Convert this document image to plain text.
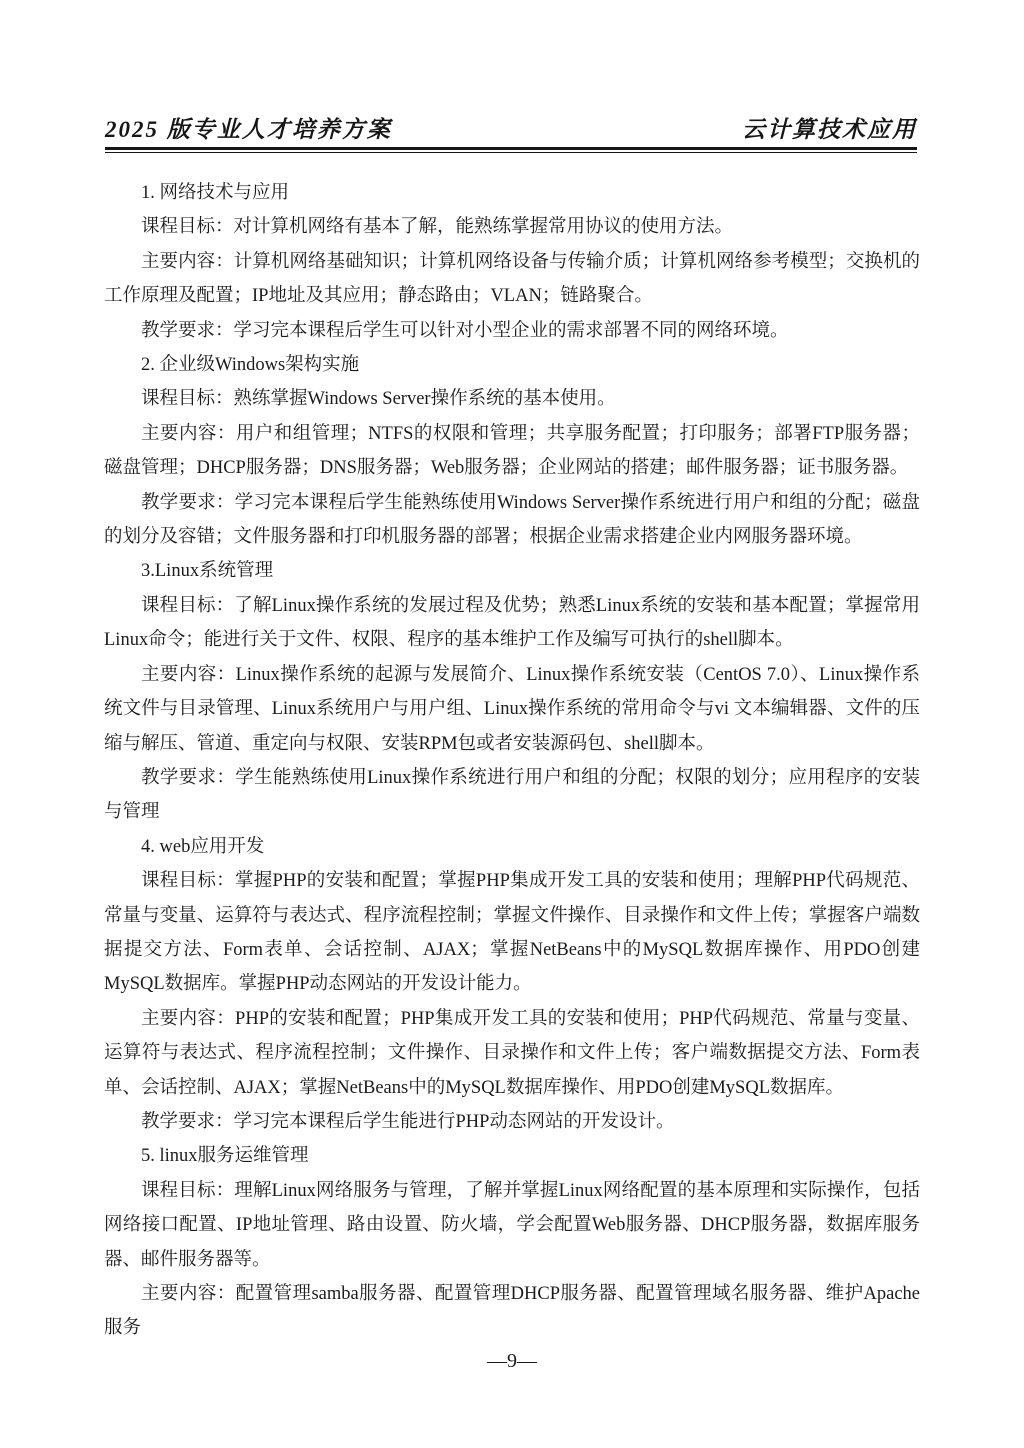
2025 版专业人才培养方案	云计算技术应用

1. 网络技术与应用

课程目标：对计算机网络有基本了解，能熟练掌握常用协议的使用方法。

主要内容：计算机网络基础知识；计算机网络设备与传输介质；计算机网络参考模型；交换机的工作原理及配置；IP地址及其应用；静态路由；VLAN；链路聚合。

教学要求：学习完本课程后学生可以针对小型企业的需求部署不同的网络环境。

2. 企业级Windows架构实施

课程目标：熟练掌握Windows Server操作系统的基本使用。

主要内容：用户和组管理；NTFS的权限和管理；共享服务配置；打印服务；部署FTP服务器；磁盘管理；DHCP服务器；DNS服务器；Web服务器；企业网站的搭建；邮件服务器；证书服务器。

教学要求：学习完本课程后学生能熟练使用Windows Server操作系统进行用户和组的分配；磁盘的划分及容错；文件服务器和打印机服务器的部署；根据企业需求搭建企业内网服务器环境。

3.Linux系统管理

课程目标：了解Linux操作系统的发展过程及优势；熟悉Linux系统的安装和基本配置；掌握常用Linux命令；能进行关于文件、权限、程序的基本维护工作及编写可执行的shell脚本。

主要内容：Linux操作系统的起源与发展简介、Linux操作系统安装（CentOS 7.0）、Linux操作系统文件与目录管理、Linux系统用户与用户组、Linux操作系统的常用命令与vi 文本编辑器、文件的压缩与解压、管道、重定向与权限、安装RPM包或者安装源码包、shell脚本。

教学要求：学生能熟练使用Linux操作系统进行用户和组的分配；权限的划分；应用程序的安装与管理

4. web应用开发

课程目标：掌握PHP的安装和配置；掌握PHP集成开发工具的安装和使用；理解PHP代码规范、常量与变量、运算符与表达式、程序流程控制；掌握文件操作、目录操作和文件上传；掌握客户端数据提交方法、Form表单、会话控制、AJAX；掌握NetBeans中的MySQL数据库操作、用PDO创建MySQL数据库。掌握PHP动态网站的开发设计能力。

主要内容：PHP的安装和配置；PHP集成开发工具的安装和使用；PHP代码规范、常量与变量、运算符与表达式、程序流程控制；文件操作、目录操作和文件上传；客户端数据提交方法、Form表单、会话控制、AJAX；掌握NetBeans中的MySQL数据库操作、用PDO创建MySQL数据库。

教学要求：学习完本课程后学生能进行PHP动态网站的开发设计。

5. linux服务运维管理

课程目标：理解Linux网络服务与管理，了解并掌握Linux网络配置的基本原理和实际操作，包括网络接口配置、IP地址管理、路由设置、防火墙，学会配置Web服务器、DHCP服务器，数据库服务器、邮件服务器等。

主要内容：配置管理samba服务器、配置管理DHCP服务器、配置管理域名服务器、维护Apache服务

—9—
